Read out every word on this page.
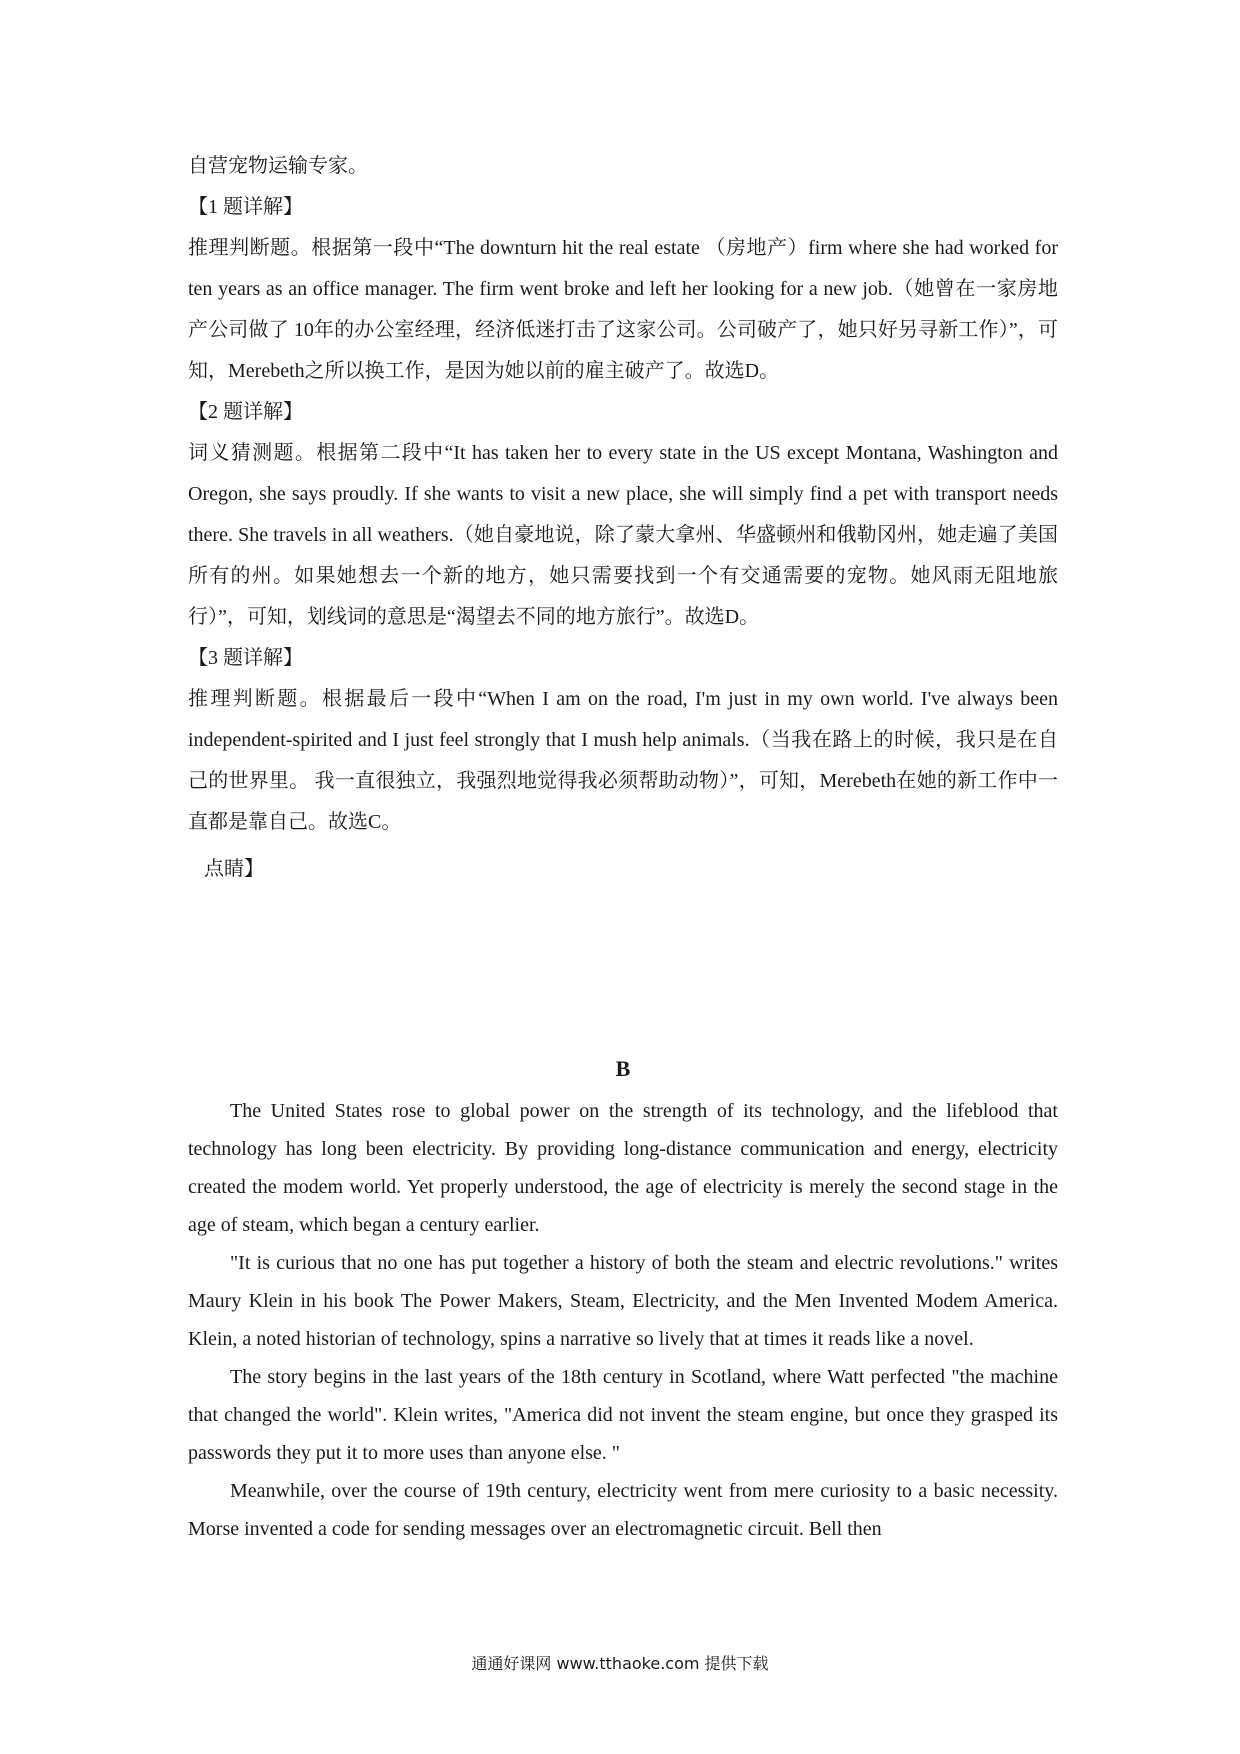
自营宠物运输专家。

【1 题详解】

推理判断题。根据第一段中“The downturn hit the real estate （房地产）firm where she had worked for ten years as an office manager. The firm went broke and left her looking for a new job.（她曾在一家房地产公司做了 10年的办公室经理，经济低迷打击了这家公司。公司破产了，她只好另寻新工作）”，可知，Merebeth之所以换工作，是因为她以前的雇主破产了。故选D。

【2 题详解】

词义猜测题。根据第二段中“It has taken her to every state in the US except Montana, Washington and Oregon, she says proudly. If she wants to visit a new place, she will simply find a pet with transport needs there. She travels in all weathers.（她自豪地说，除了蒙大拿州、华盛顿州和俄勒冈州，她走遍了美国所有的州。如果她想去一个新的地方，她只需要找到一个有交通需要的宠物。她风雨无阻地旅行）”，可知，划线词的意思是“渴望去不同的地方旅行”。故选D。

【3 题详解】

推理判断题。根据最后一段中“When I am on the road, I'm just in my own world. I've always been independent-spirited and I just feel strongly that I mush help animals.（当我在路上的时候，我只是在自己的世界里。 我一直很独立，我强烈地觉得我必须帮助动物）”，可知，Merebeth在她的新工作中一直都是靠自己。故选C。

点睛】

B

The United States rose to global power on the strength of its technology, and the lifeblood that technology has long been electricity. By providing long-distance communication and energy, electricity created the modem world. Yet properly understood, the age of electricity is merely the second stage in the age of steam, which began a century earlier.

"It is curious that no one has put together a history of both the steam and electric revolutions." writes Maury Klein in his book The Power Makers, Steam, Electricity, and the Men Invented Modem America. Klein, a noted historian of technology, spins a narrative so lively that at times it reads like a novel.

The story begins in the last years of the 18th century in Scotland, where Watt perfected "the machine that changed the world". Klein writes, "America did not invent the steam engine, but once they grasped its passwords they put it to more uses than anyone else. "

Meanwhile, over the course of 19th century, electricity went from mere curiosity to a basic necessity. Morse invented a code for sending messages over an electromagnetic circuit. Bell then

通通好课网 www.tthaoke.com 提供下载
